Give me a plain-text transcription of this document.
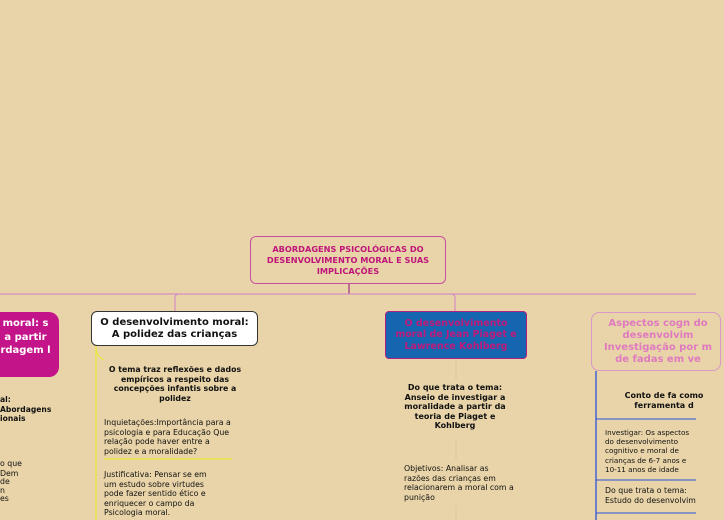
ABORDAGENS PSICOLÓGICAS DO DESENVOLVIMENTO MORAL E SUAS IMPLICAÇÕES
moral: s a partir rdagem l
al: Abordagens ionais
o que
Dem
de
n
es
O desenvolvimento moral: A polidez das crianças
O tema traz reflexões e dados empíricos a respeito das concepções infantis sobre a polidez
Inquietações:Importância para a psicologia e para Educação Que relação pode haver entre a polidez e a moralidade?
Justificativa: Pensar se em um estudo sobre virtudes pode fazer sentido ético e enriquecer o campo da Psicologia moral.
O desenvolvimento moral de Jean Piaget e Lawrence Kohlberg
Do que trata o tema: Anseio de investigar a moralidade a partir da teoria de Piaget e Kohlberg
Objetivos: Analisar as razões das crianças em relacionarem a moral com a punição
Aspectos cogn do desenvolvim Investigação por m de fadas em ve
Conto de fa como ferramenta d
Investigar: Os aspectos do desenvolvimento cognitivo e moral de crianças de 6-7 anos e 10-11 anos de idade
Do que trata o tema: Estudo do desenvolvim
